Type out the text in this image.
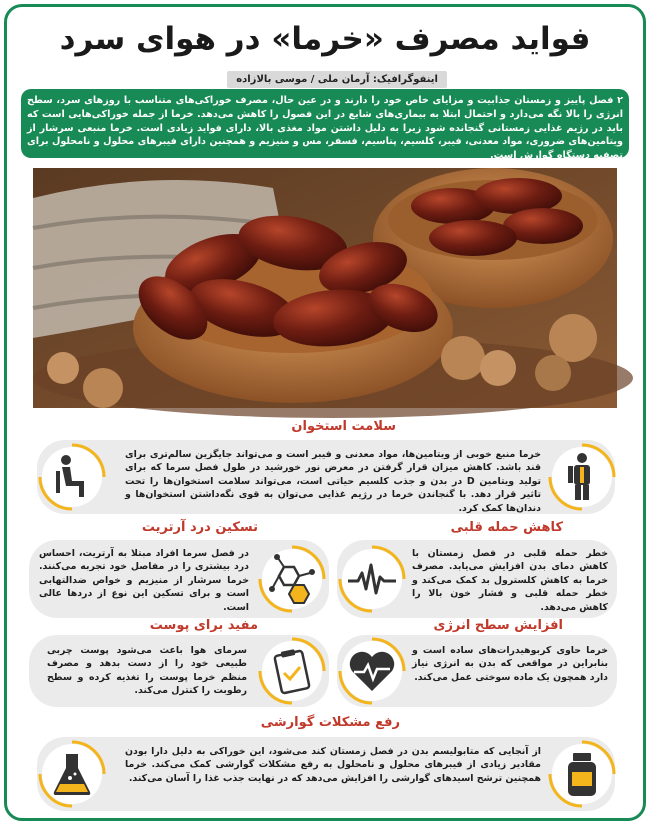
فواید مصرف «خرما» در هوای سرد
اینفوگرافیک: آرمان ملی / موسی بالازاده
۲ فصل پاییز و زمستان جذابیت و مزایای خاص خود را دارند و در عین حال، مصرف خوراکی‌های متناسب با روزهای سرد، سطح انرژی را بالا نگه می‌دارد و احتمال ابتلا به بیماری‌های شایع در این فصول را کاهش می‌دهد. خرما از جمله خوراکی‌هایی است که باید در رژیم غذایی زمستانی گنجانده شود زیرا به دلیل داشتن مواد مغذی بالا، دارای فواید زیادی است. خرما منبعی سرشار از ویتامین‌های ضروری، مواد معدنی، فیبر، کلسیم، پتاسیم، فسفر، مس و منیزیم و همچنین دارای فیبرهای محلول و نامحلول برای تصفیه دستگاه گوارش است.
سلامت استخوان
خرما منبع خوبی از ویتامین‌ها، مواد معدنی و فیبر است و می‌تواند جایگزین سالم‌تری برای قند باشد. کاهش میزان قرار گرفتن در معرض نور خورشید در طول فصل سرما که برای تولید ویتامین D در بدن و جذب کلسیم حیاتی است، می‌تواند سلامت استخوان‌ها را تحت تاثیر قرار دهد. با گنجاندن خرما در رژیم غذایی می‌توان به قوی نگه‌داشتن استخوان‌ها و دندان‌ها کمک کرد.
تسکین درد آرتریت
در فصل سرما افراد مبتلا به آرتریت، احساس درد بیشتری را در مفاصل خود تجربه می‌کنند. خرما سرشار از منیزیم و خواص ضدالتهابی است و برای تسکین این نوع از دردها عالی است.
کاهش حمله قلبی
خطر حمله قلبی در فصل زمستان با کاهش دمای بدن افزایش می‌یابد. مصرف خرما به کاهش کلسترول بد کمک می‌کند و خطر حمله قلبی و فشار خون بالا را کاهش می‌دهد.
مفید برای پوست
سرمای هوا باعث می‌شود پوست چربی طبیعی خود را از دست بدهد و مصرف منظم خرما پوست را تغذیه کرده و سطح رطوبت را کنترل می‌کند.
افزایش سطح انرژی
خرما حاوی کربوهیدرات‌های ساده است و بنابراین در مواقعی که بدن به انرژی نیاز دارد همچون یک ماده سوختی عمل می‌کند.
رفع مشکلات گوارشی
از آنجایی که متابولیسم بدن در فصل زمستان کند می‌شود، این خوراکی به دلیل دارا بودن مقادیر زیادی از فیبرهای محلول و نامحلول به رفع مشکلات گوارشی کمک می‌کند. خرما همچنین ترشح اسیدهای گوارشی را افزایش می‌دهد که در نهایت جذب غذا را آسان می‌کند.
